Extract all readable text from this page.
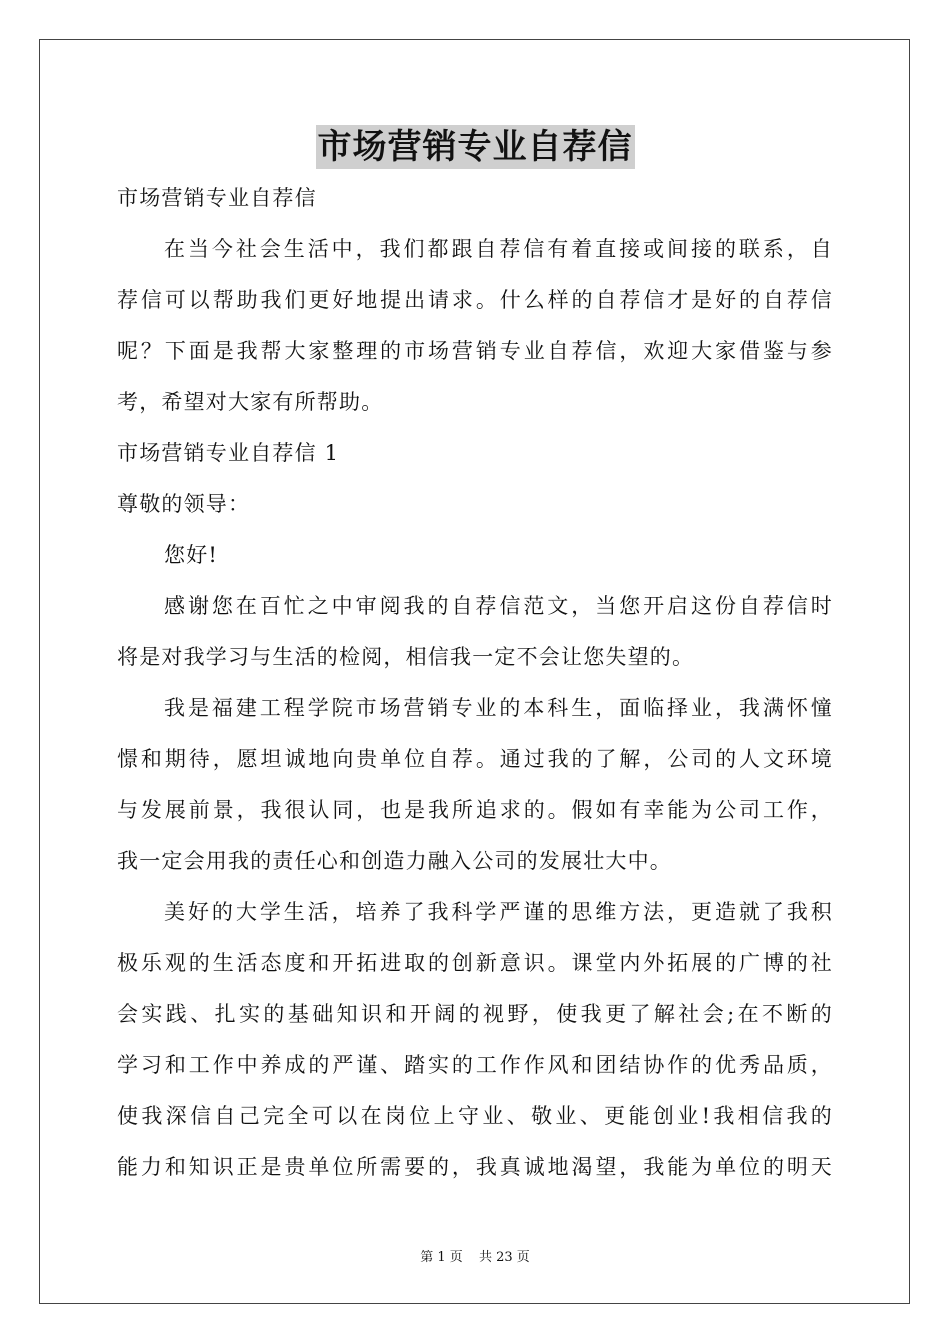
市场营销专业自荐信
市场营销专业自荐信
在当今社会生活中，我们都跟自荐信有着直接或间接的联系，自
荐信可以帮助我们更好地提出请求。什么样的自荐信才是好的自荐信
呢？下面是我帮大家整理的市场营销专业自荐信，欢迎大家借鉴与参
考，希望对大家有所帮助。
市场营销专业自荐信 1
尊敬的领导：
您好!
感谢您在百忙之中审阅我的自荐信范文，当您开启这份自荐信时
将是对我学习与生活的检阅，相信我一定不会让您失望的。
我是福建工程学院市场营销专业的本科生，面临择业，我满怀憧
憬和期待，愿坦诚地向贵单位自荐。通过我的了解，公司的人文环境
与发展前景，我很认同，也是我所追求的。假如有幸能为公司工作，
我一定会用我的责任心和创造力融入公司的发展壮大中。
美好的大学生活，培养了我科学严谨的思维方法，更造就了我积
极乐观的生活态度和开拓进取的创新意识。课堂内外拓展的广博的社
会实践、扎实的基础知识和开阔的视野，使我更了解社会;在不断的
学习和工作中养成的严谨、踏实的工作作风和团结协作的优秀品质，
使我深信自己完全可以在岗位上守业、敬业、更能创业!我相信我的
能力和知识正是贵单位所需要的，我真诚地渴望，我能为单位的明天
第 1 页 共 23 页
